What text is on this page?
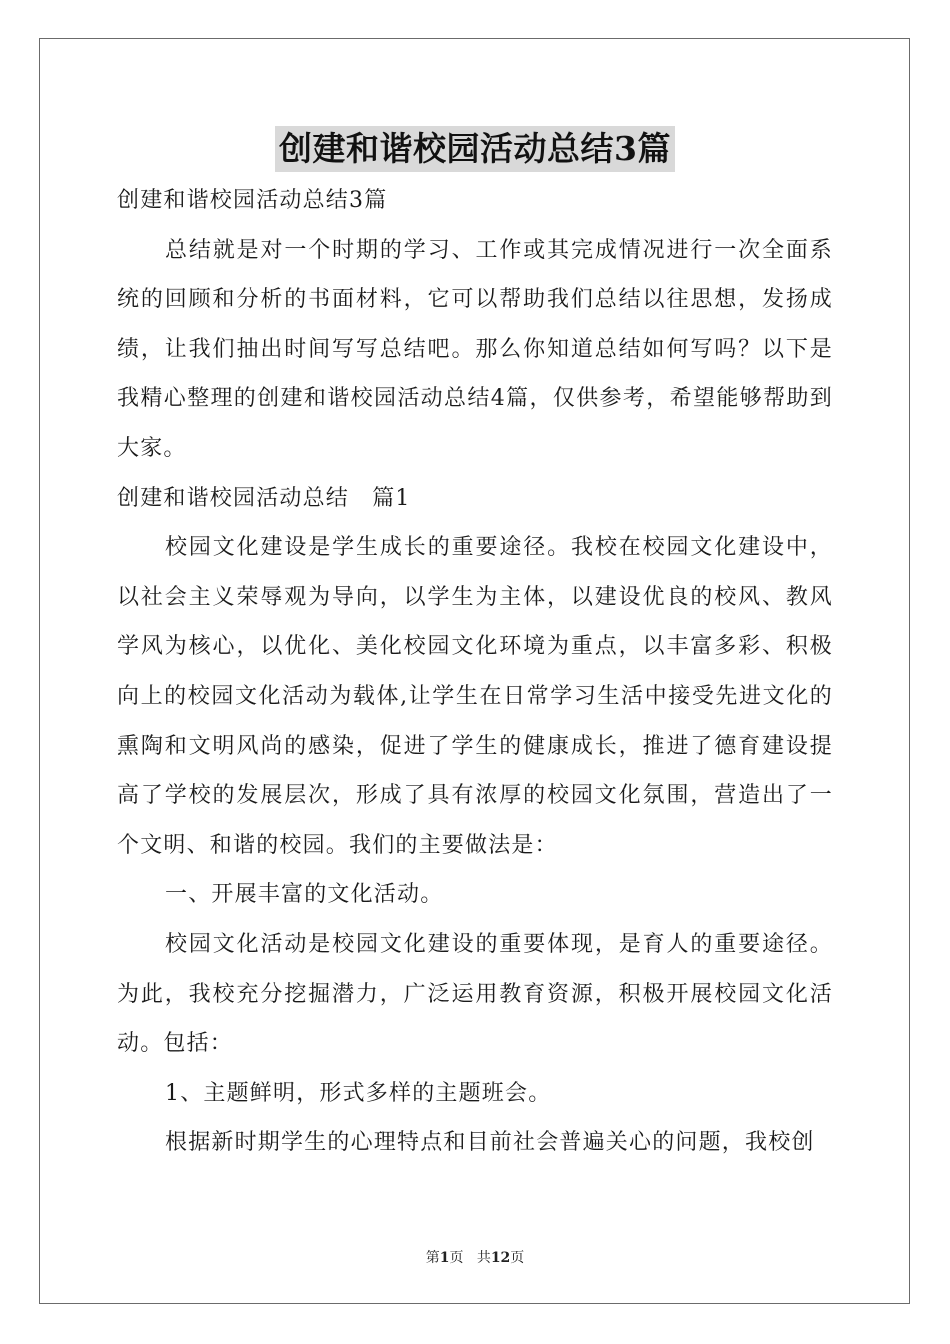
创建和谐校园活动总结3篇

创建和谐校园活动总结3篇

总结就是对一个时期的学习、工作或其完成情况进行一次全面系统的回顾和分析的书面材料，它可以帮助我们总结以往思想，发扬成绩，让我们抽出时间写写总结吧。那么你知道总结如何写吗？以下是我精心整理的创建和谐校园活动总结4篇，仅供参考，希望能够帮助到大家。

创建和谐校园活动总结　篇1

校园文化建设是学生成长的重要途径。我校在校园文化建设中，以社会主义荣辱观为导向，以学生为主体，以建设优良的校风、教风学风为核心，以优化、美化校园文化环境为重点，以丰富多彩、积极向上的校园文化活动为载体,让学生在日常学习生活中接受先进文化的熏陶和文明风尚的感染，促进了学生的健康成长，推进了德育建设提高了学校的发展层次，形成了具有浓厚的校园文化氛围，营造出了一个文明、和谐的校园。我们的主要做法是：

一、开展丰富的文化活动。

校园文化活动是校园文化建设的重要体现，是育人的重要途径。为此，我校充分挖掘潜力，广泛运用教育资源，积极开展校园文化活动。包括：

1、主题鲜明，形式多样的主题班会。

根据新时期学生的心理特点和目前社会普遍关心的问题，我校创

第1页 共12页
